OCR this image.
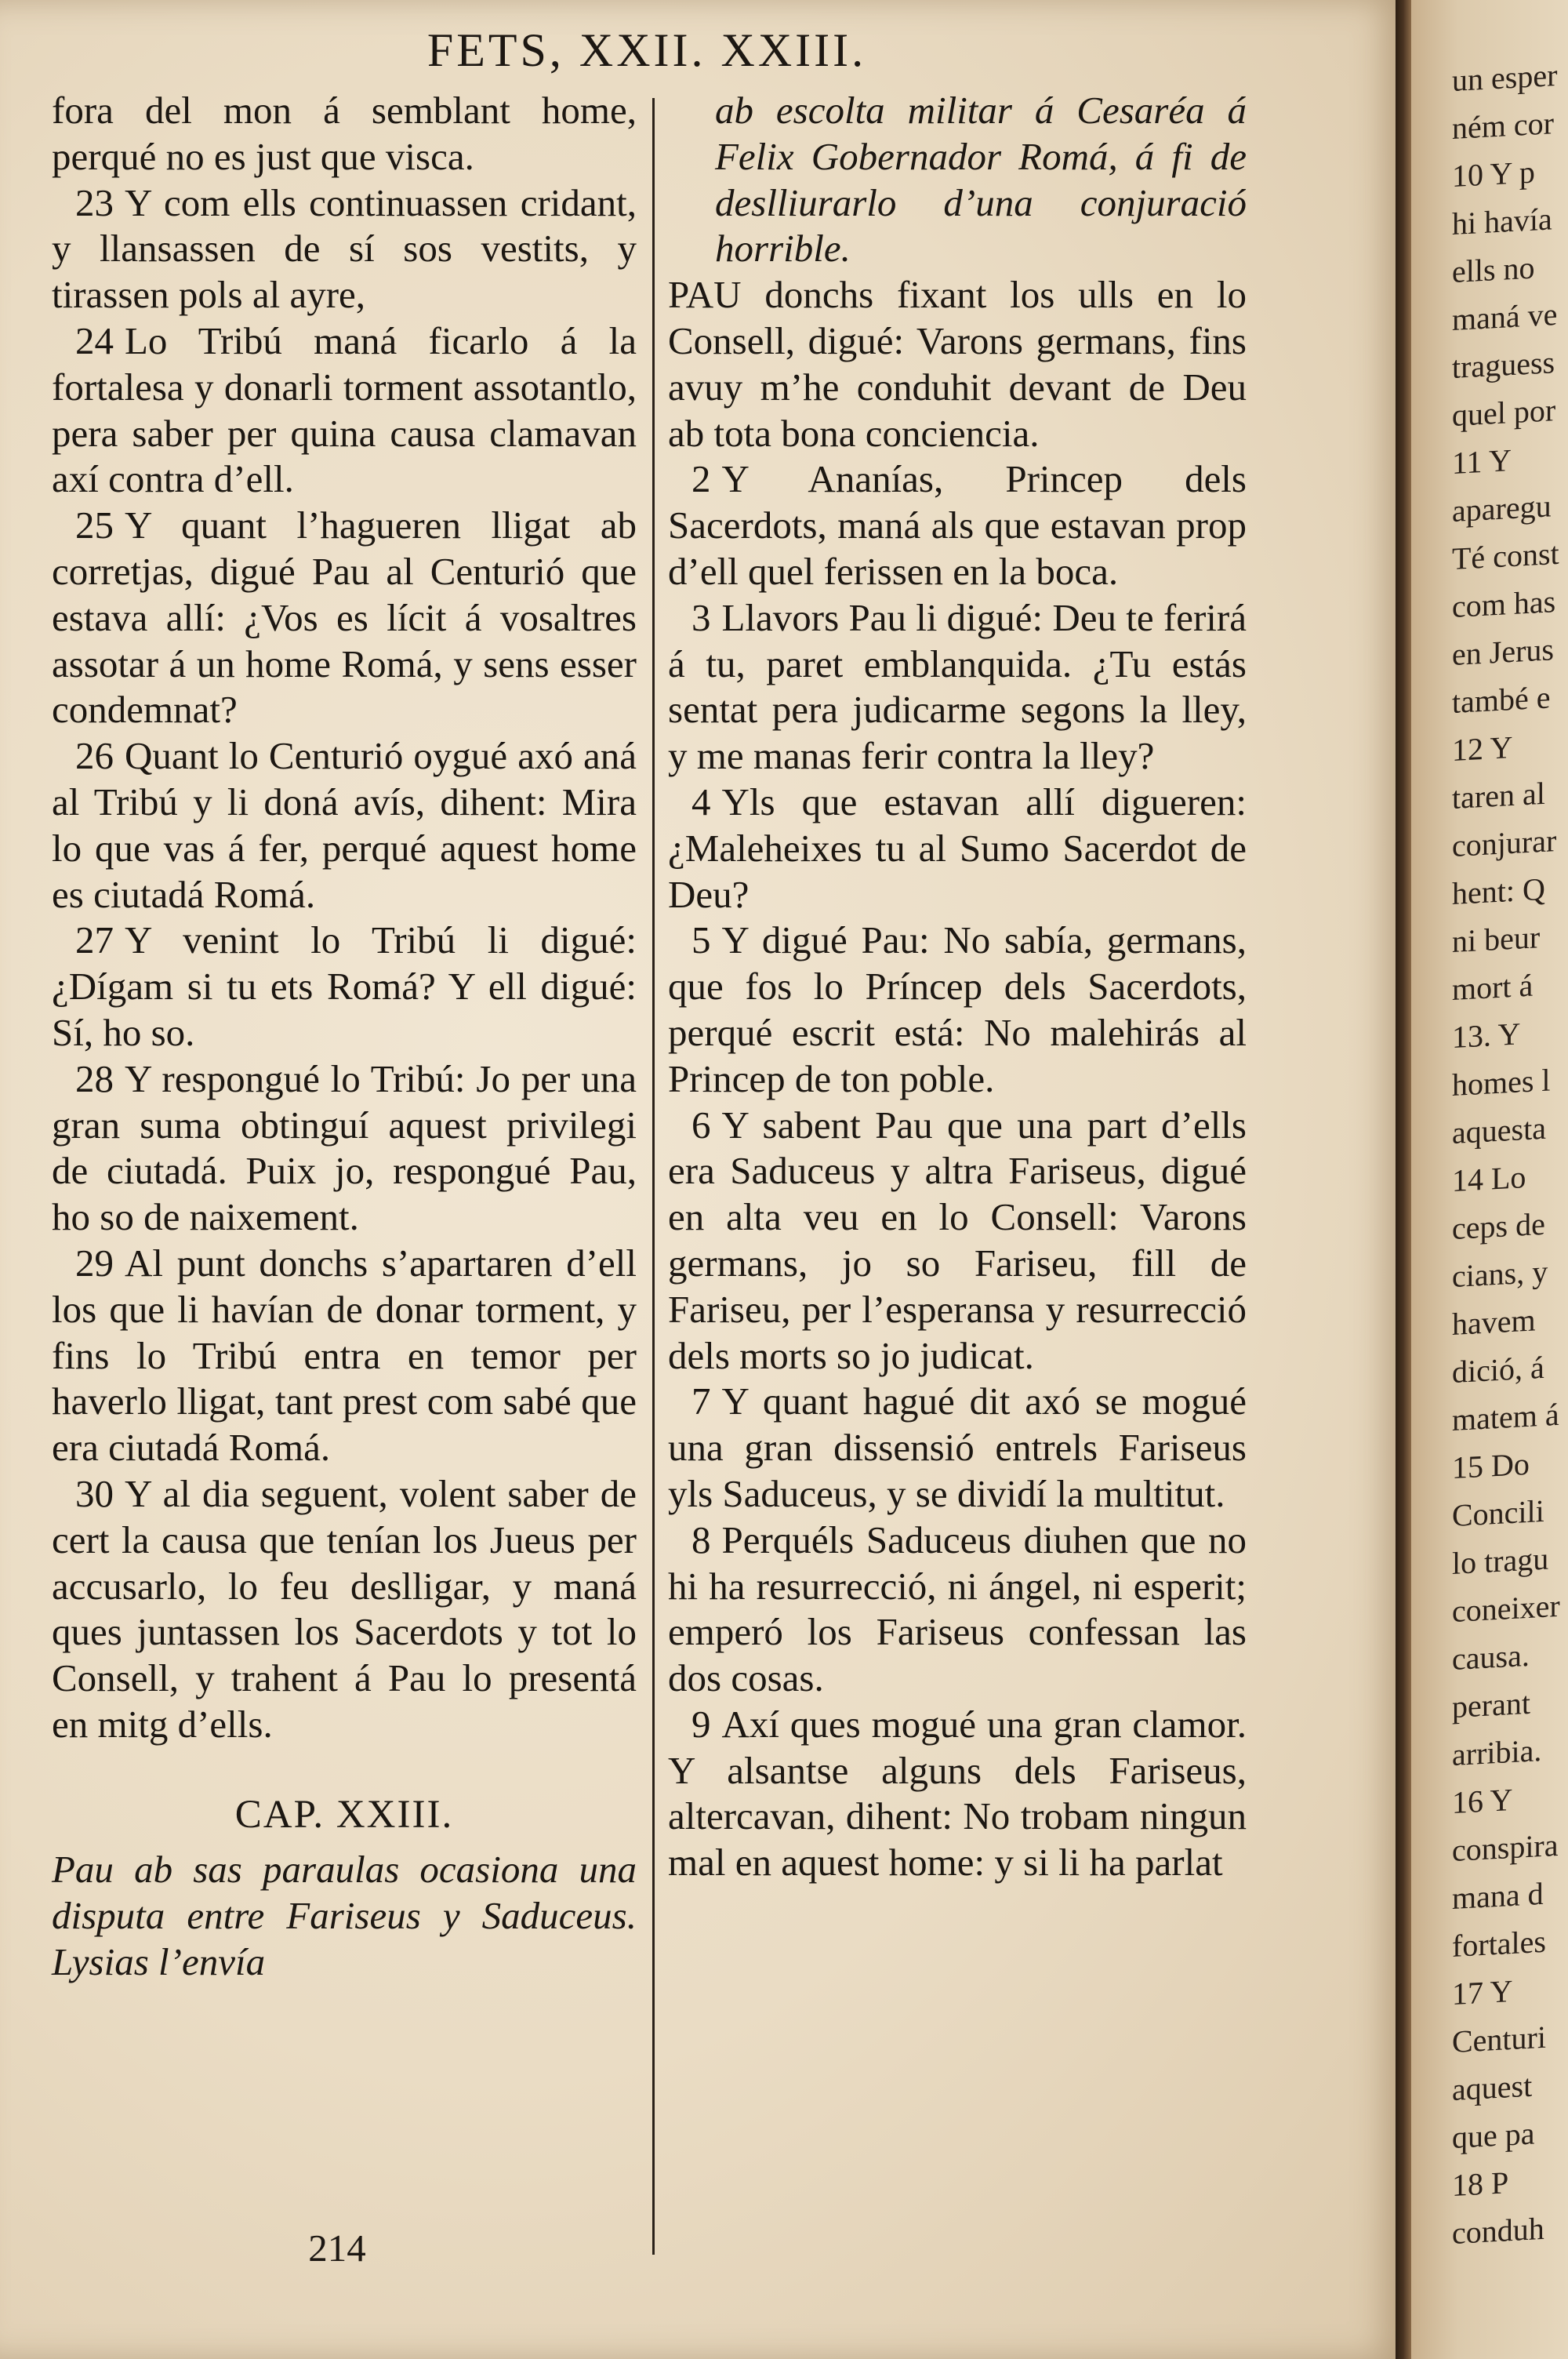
FETS, XXII. XXIII.

fora del mon á semblant home, perqué no es just que visca.

23 Y com ells continuassen cridant, y llansassen de sí sos vestits, y tirassen pols al ayre,

24 Lo Tribú maná ficarlo á la fortalesa y donarli torment assotantlo, pera saber per quina causa clamavan axí contra d’ell.

25 Y quant l’hagueren lligat ab corretjas, digué Pau al Centurió que estava allí: ¿Vos es lícit á vosaltres assotar á un home Romá, y sens esser condemnat?

26 Quant lo Centurió oygué axó aná al Tribú y li doná avís, dihent: Mira lo que vas á fer, perqué aquest home es ciutadá Romá.

27 Y venint lo Tribú li digué: ¿Dígam si tu ets Romá? Y ell digué: Sí, ho so.

28 Y respongué lo Tribú: Jo per una gran suma obtinguí aquest privilegi de ciutadá. Puix jo, respongué Pau, ho so de naixement.

29 Al punt donchs s’apartaren d’ell los que li havían de donar torment, y fins lo Tribú entra en temor per haverlo lligat, tant prest com sabé que era ciutadá Romá.

30 Y al dia seguent, volent saber de cert la causa que tenían los Jueus per accusarlo, lo feu deslligar, y maná ques juntassen los Sacerdots y tot lo Consell, y trahent á Pau lo presentá en mitg d’ells.

CAP. XXIII.

Pau ab sas paraulas ocasiona una disputa entre Fariseus y Saduceus. Lysias l’envía

ab escolta militar á Cesaréa á Felix Gobernador Romá, á fi de deslliurarlo d’una conjuració horrible.

PAU donchs fixant los ulls en lo Consell, digué: Varons germans, fins avuy m’he conduhit devant de Deu ab tota bona conciencia.

2 Y Ananías, Princep dels Sacerdots, maná als que estavan prop d’ell quel ferissen en la boca.

3 Llavors Pau li digué: Deu te ferirá á tu, paret emblanquida. ¿Tu estás sentat pera judicarme segons la lley, y me manas ferir contra la lley?

4 Yls que estavan allí digueren: ¿Maleheixes tu al Sumo Sacerdot de Deu?

5 Y digué Pau: No sabía, germans, que fos lo Príncep dels Sacerdots, perqué escrit está: No malehirás al Princep de ton poble.

6 Y sabent Pau que una part d’ells era Saduceus y altra Fariseus, digué en alta veu en lo Consell: Varons germans, jo so Fariseu, fill de Fariseu, per l’esperansa y resurrecció dels morts so jo judicat.

7 Y quant hagué dit axó se mogué una gran dissensió entrels Fariseus yls Saduceus, y se dividí la multitut.

8 Perquéls Saduceus diuhen que no hi ha resurrecció, ni ángel, ni esperit; emperó los Fariseus confessan las dos cosas.

9 Axí ques mogué una gran clamor. Y alsantse alguns dels Fariseus, altercavan, dihent: No trobam ningun mal en aquest home: y si li ha parlat

214
un esper
ném cor
10 Y p
hi havía
ells no
maná ve
traguess
quel por
11 Y
aparegu
Té const
com has
en Jerus
també e
12 Y
taren al
conjurar
hent: Q
ni beur
mort á
13. Y
homes l
aquesta
14 Lo
ceps de
cians, y
havem
dició, á
matem á
15 Do
Concili
lo tragu
coneixer
causa.
perant
arribia.
16 Y
conspira
mana d
fortales
17 Y
Centuri
aquest
que pa
18 P
conduh
